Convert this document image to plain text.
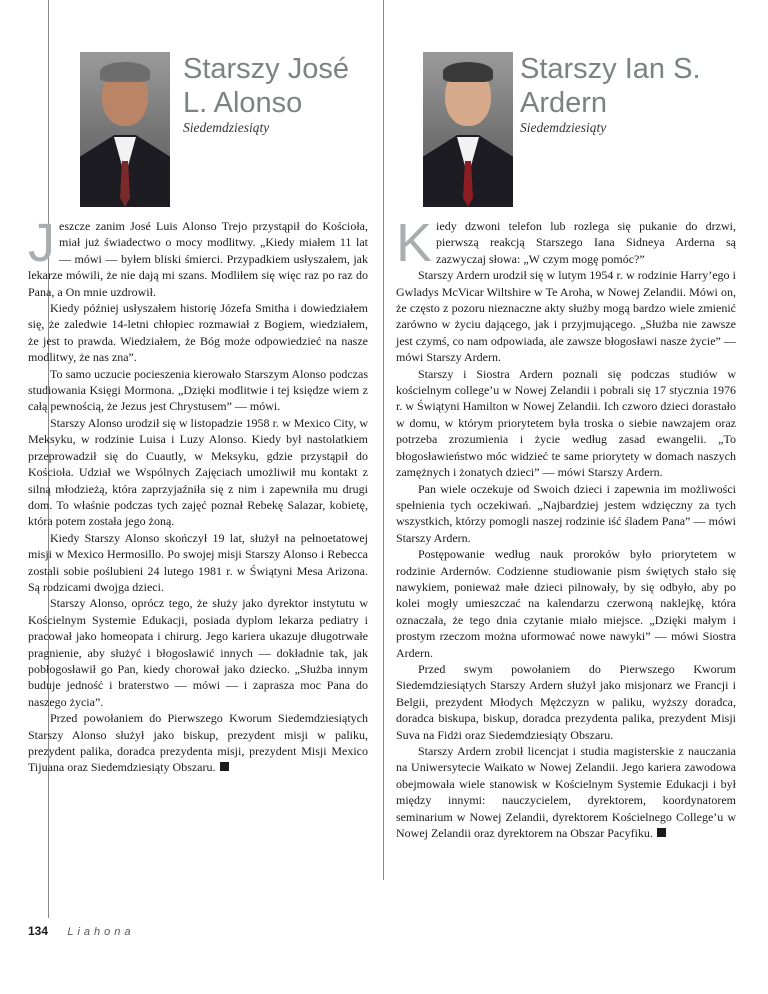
Starszy José L. Alonso
Siedemdziesiąty

Jeszcze zanim José Luis Alonso Trejo przystąpił do Kościoła, miał już świadectwo o mocy modlitwy. „Kiedy miałem 11 lat — mówi — byłem bliski śmierci. Przypadkiem usłyszałem, jak lekarze mówili, że nie dają mi szans. Modliłem się więc raz po raz do Pana, a On mnie uzdrowił.

Kiedy później usłyszałem historię Józefa Smitha i dowiedziałem się, że zaledwie 14-letni chłopiec rozmawiał z Bogiem, wiedziałem, że jest to prawda. Wiedziałem, że Bóg może odpowiedzieć na nasze modlitwy, że nas zna”.

To samo uczucie pocieszenia kierowało Starszym Alonso podczas studiowania Księgi Mormona. „Dzięki modlitwie i tej księdze wiem z całą pewnością, że Jezus jest Chrystusem” — mówi.

Starszy Alonso urodził się w listopadzie 1958 r. w Mexico City, w Meksyku, w rodzinie Luisa i Luzy Alonso. Kiedy był nastolatkiem przeprowadził się do Cuautly, w Meksyku, gdzie przystąpił do Kościoła. Udział we Wspólnych Zajęciach umożliwił mu kontakt z silną młodzieżą, która zaprzyjaźniła się z nim i zapewniła mu drugi dom. To właśnie podczas tych zajęć poznał Rebekę Salazar, kobietę, która potem została jego żoną.

Kiedy Starszy Alonso skończył 19 lat, służył na pełnoetatowej misji w Mexico Hermosillo. Po swojej misji Starszy Alonso i Rebecca zostali sobie poślubieni 24 lutego 1981 r. w Świątyni Mesa Arizona. Są rodzicami dwojga dzieci.

Starszy Alonso, oprócz tego, że służy jako dyrektor instytutu w Kościelnym Systemie Edukacji, posiada dyplom lekarza pediatry i pracował jako homeopata i chirurg. Jego kariera ukazuje długotrwałe pragnienie, aby służyć i błogosławić innych — dokładnie tak, jak pobłogosławił go Pan, kiedy chorował jako dziecko. „Służba innym buduje jedność i braterstwo — mówi — i zaprasza moc Pana do naszego życia”.

Przed powołaniem do Pierwszego Kworum Siedemdziesiątych Starszy Alonso służył jako biskup, prezydent misji w paliku, prezydent palika, doradca prezydenta misji, prezydent Misji Mexico Tijuana oraz Siedemdziesiąty Obszaru.

Starszy Ian S. Ardern
Siedemdziesiąty

Kiedy dzwoni telefon lub rozlega się pukanie do drzwi, pierwszą reakcją Starszego Iana Sidneya Arderna są zazwyczaj słowa: „W czym mogę pomóc?”

Starszy Ardern urodził się w lutym 1954 r. w rodzinie Harry’ego i Gwladys McVicar Wiltshire w Te Aroha, w Nowej Zelandii. Mówi on, że często z pozoru nieznaczne akty służby mogą bardzo wiele zmienić zarówno w życiu dającego, jak i przyjmującego. „Służba nie zawsze jest czymś, co nam odpowiada, ale zawsze błogosławi nasze życie” — mówi Starszy Ardern.

Starszy i Siostra Ardern poznali się podczas studiów w kościelnym college’u w Nowej Zelandii i pobrali się 17 stycznia 1976 r. w Świątyni Hamilton w Nowej Zelandii. Ich czworo dzieci dorastało w domu, w którym priorytetem była troska o siebie nawzajem oraz potrzeba zrozumienia i życie według zasad ewangelii. „To błogosławieństwo móc widzieć te same priorytety w domach naszych zamężnych i żonatych dzieci” — mówi Starszy Ardern.

Pan wiele oczekuje od Swoich dzieci i zapewnia im możliwości spełnienia tych oczekiwań. „Najbardziej jestem wdzięczny za tych wszystkich, którzy pomogli naszej rodzinie iść śladem Pana” — mówi Starszy Ardern.

Postępowanie według nauk proroków było priorytetem w rodzinie Ardernów. Codzienne studiowanie pism świętych stało się nawykiem, ponieważ małe dzieci pilnowały, by się odbyło, aby po kolei mogły umieszczać na kalendarzu czerwoną naklejkę, która oznaczała, że tego dnia czytanie miało miejsce. „Dzięki małym i prostym rzeczom można uformować nowe nawyki” — mówi Siostra Ardern.

Przed swym powołaniem do Pierwszego Kworum Siedemdziesiątych Starszy Ardern służył jako misjonarz we Francji i Belgii, prezydent Młodych Mężczyzn w paliku, wyższy doradca, doradca biskupa, biskup, doradca prezydenta palika, prezydent Misji Suva na Fidżi oraz Siedemdziesiąty Obszaru.

Starszy Ardern zrobił licencjat i studia magisterskie z nauczania na Uniwersytecie Waikato w Nowej Zelandii. Jego kariera zawodowa obejmowała wiele stanowisk w Kościelnym Systemie Edukacji i był między innymi: nauczycielem, dyrektorem, koordynatorem seminarium w Nowej Zelandii, dyrektorem Kościelnego College’u w Nowej Zelandii oraz dyrektorem na Obszar Pacyfiku.

134 Liahona
